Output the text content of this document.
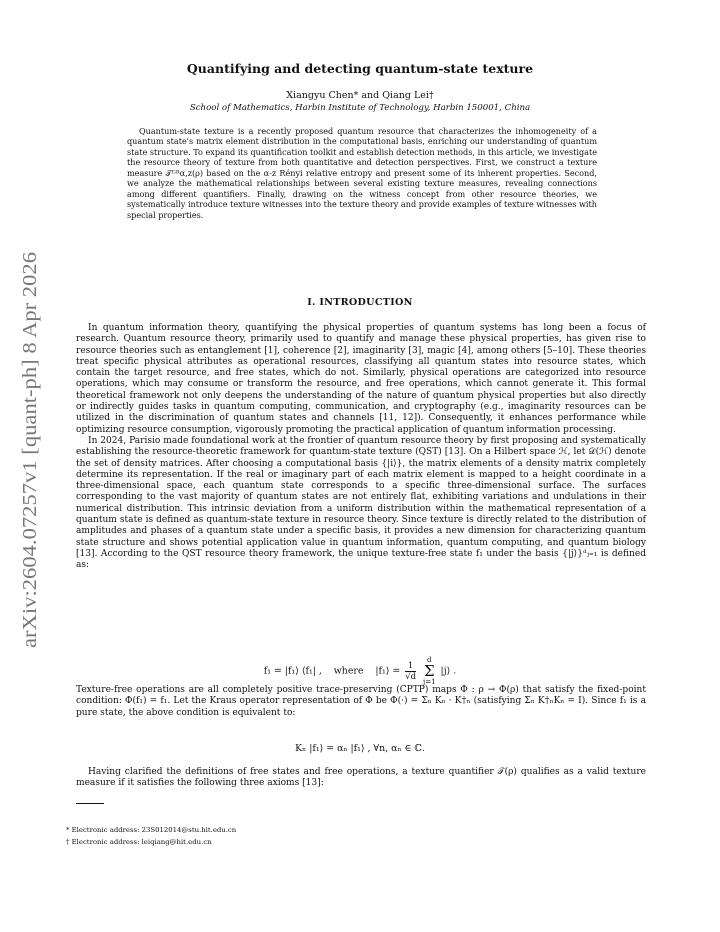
arXiv:2604.07257v1 [quant-ph] 8 Apr 2026
Quantifying and detecting quantum-state texture
Xiangyu Chen* and Qiang Lei†
School of Mathematics, Harbin Institute of Technology, Harbin 150001, China
Quantum-state texture is a recently proposed quantum resource that characterizes the inhomogeneity of a quantum state's matrix element distribution in the computational basis, enriching our understanding of quantum state structure. To expand its quantification toolkit and establish detection methods, in this article, we investigate the resource theory of texture from both quantitative and detection perspectives. First, we construct a texture measure 𝒯ᴳᴿα,z(ρ) based on the α-z Rényi relative entropy and present some of its inherent properties. Second, we analyze the mathematical relationships between several existing texture measures, revealing connections among different quantifiers. Finally, drawing on the witness concept from other resource theories, we systematically introduce texture witnesses into the texture theory and provide examples of texture witnesses with special properties.
I. INTRODUCTION

In quantum information theory, quantifying the physical properties of quantum systems has long been a focus of research. Quantum resource theory, primarily used to quantify and manage these physical properties, has given rise to resource theories such as entanglement [1], coherence [2], imaginarity [3], magic [4], among others [5–10]. These theories treat specific physical attributes as operational resources, classifying all quantum states into resource states, which contain the target resource, and free states, which do not. Similarly, physical operations are categorized into resource operations, which may consume or transform the resource, and free operations, which cannot generate it. This formal theoretical framework not only deepens the understanding of the nature of quantum physical properties but also directly or indirectly guides tasks in quantum computing, communication, and cryptography (e.g., imaginarity resources can be utilized in the discrimination of quantum states and channels [11, 12]). Consequently, it enhances performance while optimizing resource consumption, vigorously promoting the practical application of quantum information processing.

In 2024, Parisio made foundational work at the frontier of quantum resource theory by first proposing and systematically establishing the resource-theoretic framework for quantum-state texture (QST) [13]. On a Hilbert space ℋ, let 𝒟(ℋ) denote the set of density matrices. After choosing a computational basis {|i⟩}, the matrix elements of a density matrix completely determine its representation. If the real or imaginary part of each matrix element is mapped to a height coordinate in a three-dimensional space, each quantum state corresponds to a specific three-dimensional surface. The surfaces corresponding to the vast majority of quantum states are not entirely flat, exhibiting variations and undulations in their numerical distribution. This intrinsic deviation from a uniform distribution within the mathematical representation of a quantum state is defined as quantum-state texture in resource theory. Since texture is directly related to the distribution of amplitudes and phases of a quantum state under a specific basis, it provides a new dimension for characterizing quantum state structure and shows potential application value in quantum information, quantum computing, and quantum biology [13]. According to the QST resource theory framework, the unique texture-free state f₁ under the basis {|j⟩}ᵈⱼ₌₁ is defined as:

f₁ = |f₁⟩ ⟨f₁| , where |f₁⟩ = $\frac{1}{√d}$
d
Σ
j=1 |j⟩ .

Texture-free operations are all completely positive trace-preserving (CPTP) maps Φ : ρ → Φ(ρ) that satisfy the fixed-point condition: Φ(f₁) = f₁. Let the Kraus operator representation of Φ be Φ(·) = Σₙ Kₙ · K†ₙ (satisfying Σₙ K†ₙKₙ = I). Since f₁ is a pure state, the above condition is equivalent to:

Kₙ |f₁⟩ = αₙ |f₁⟩ , ∀n, αₙ ∈ ℂ.

Having clarified the definitions of free states and free operations, a texture quantifier 𝒯(ρ) qualifies as a valid texture measure if it satisfies the following three axioms [13]:

* Electronic address: 23S012014@stu.hit.edu.cn
† Electronic address: leiqiang@hit.edu.cn
